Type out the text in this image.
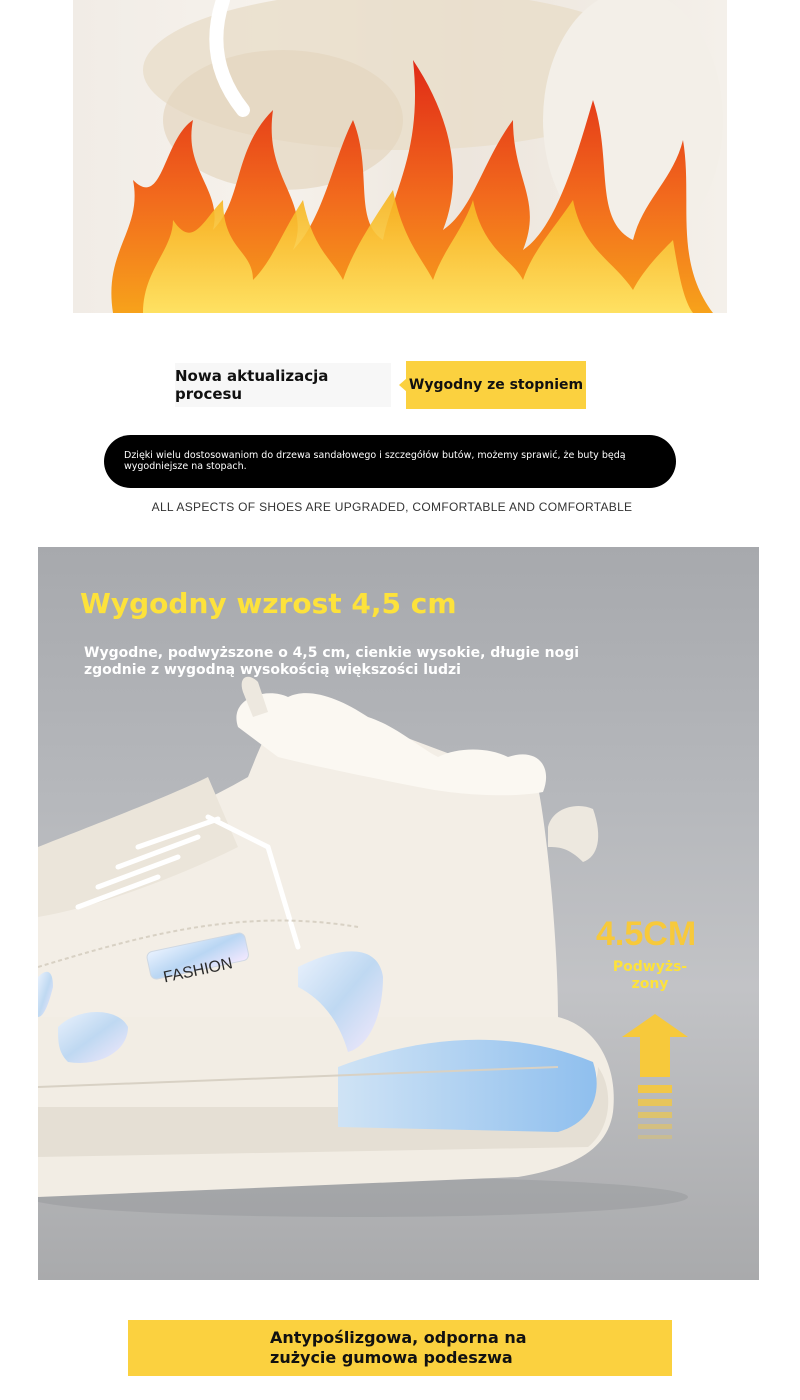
Nowa aktualizacja procesu	Wygodny ze stopniem
Dzięki wielu dostosowaniom do drzewa sandałowego i szczegółów butów, możemy sprawić, że buty będą wygodniejsze na stopach.
ALL ASPECTS OF SHOES ARE UPGRADED, COMFORTABLE AND COMFORTABLE
FASHION
Wygodny wzrost 4,5 cm
Wygodne, podwyższone o 4,5 cm, cienkie wysokie, długie nogi zgodnie z wygodną wysokością większości ludzi
4.5CM
Podwyżs-
zony
Antypoślizgowa, odporna na
zużycie gumowa podeszwa
